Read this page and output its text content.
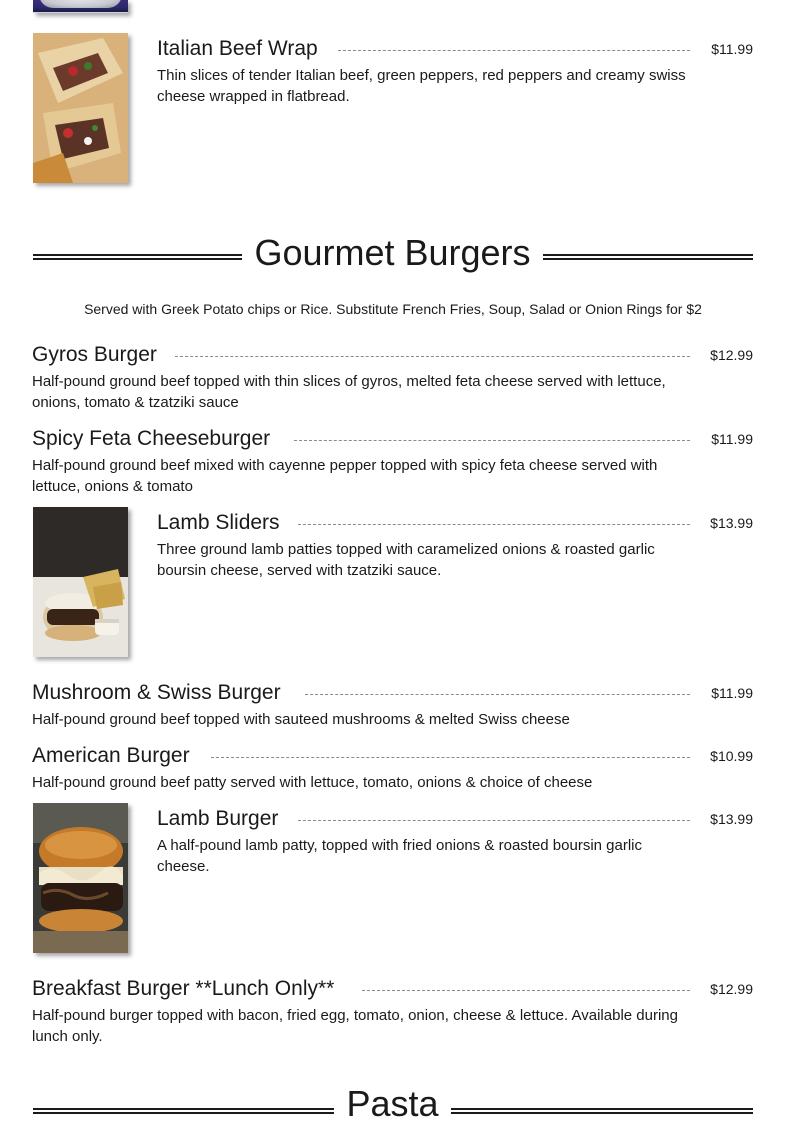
Italian Beef Wrap	$11.99
Thin slices of tender Italian beef, green peppers, red peppers and creamy swiss cheese wrapped in flatbread.
Gourmet Burgers
Served with Greek Potato chips or Rice. Substitute French Fries, Soup, Salad or Onion Rings for $2
Gyros Burger	$12.99
Half-pound ground beef topped with thin slices of gyros, melted feta cheese served with lettuce, onions, tomato & tzatziki sauce
Spicy Feta Cheeseburger	$11.99
Half-pound ground beef mixed with cayenne pepper topped with spicy feta cheese served with lettuce, onions & tomato
Lamb Sliders	$13.99
Three ground lamb patties topped with caramelized onions & roasted garlic boursin cheese, served with tzatziki sauce.
Mushroom & Swiss Burger	$11.99
Half-pound ground beef topped with sauteed mushrooms & melted Swiss cheese
American Burger	$10.99
Half-pound ground beef patty served with lettuce, tomato, onions & choice of cheese
Lamb Burger	$13.99
A half-pound lamb patty, topped with fried onions & roasted boursin garlic cheese.
Breakfast Burger **Lunch Only**	$12.99
Half-pound burger topped with bacon, fried egg, tomato, onion, cheese & lettuce. Available during lunch only.
Pasta
